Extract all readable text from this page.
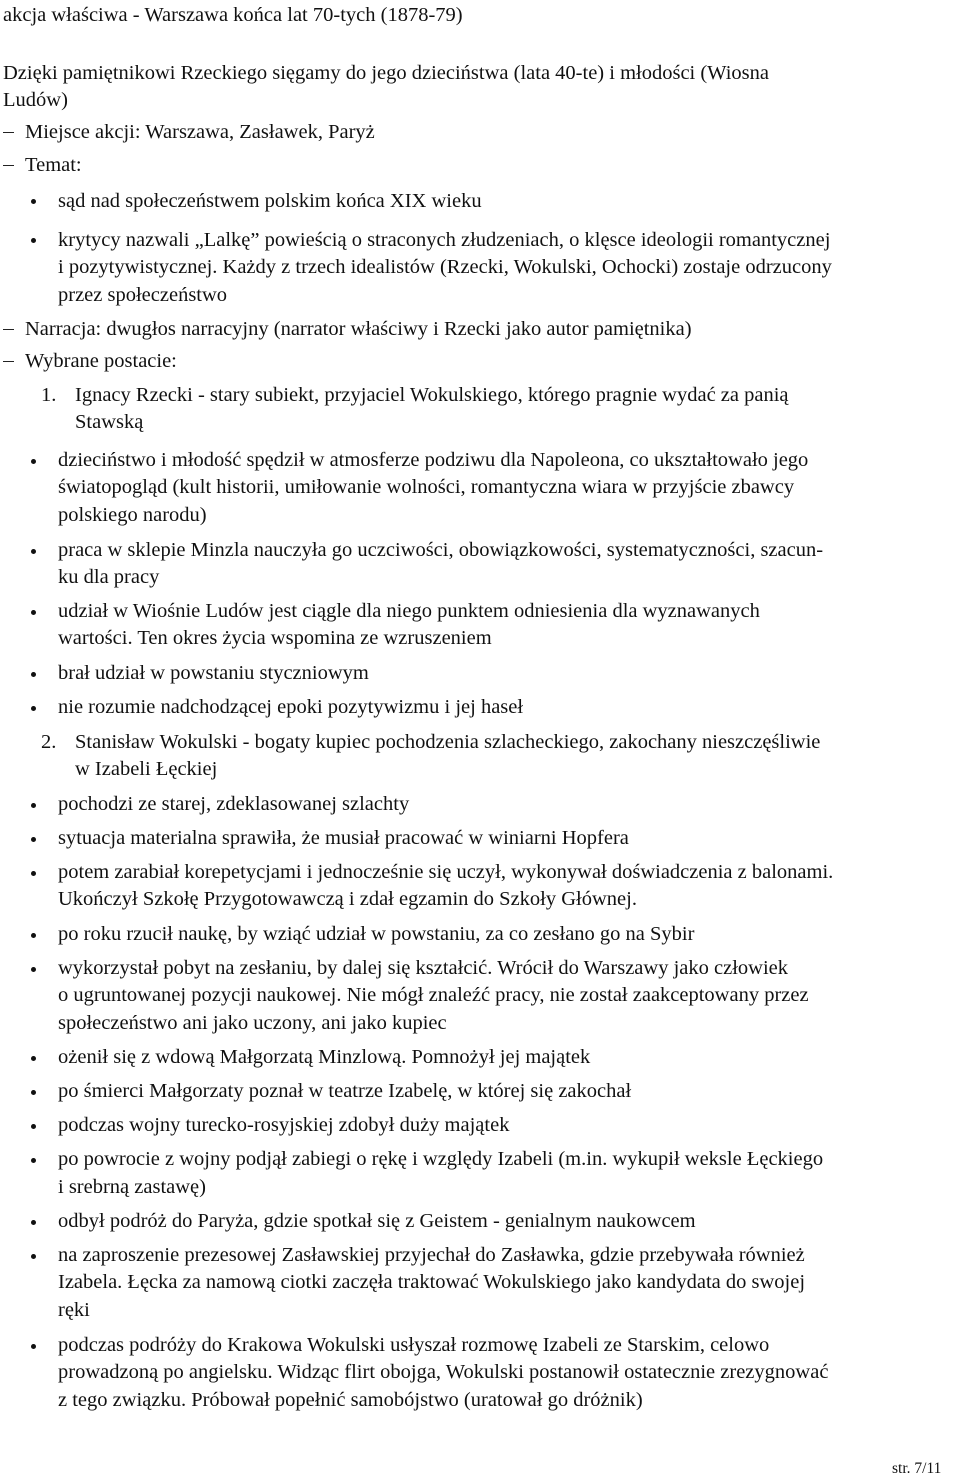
akcja właściwa - Warszawa końca lat 70-tych (1878-79)
Dzięki pamiętnikowi Rzeckiego sięgamy do jego dzieciństwa (lata 40-te) i młodości (Wiosna
Ludów)
Miejsce akcji: Warszawa, Zasławek, Paryż
Temat:
sąd nad społeczeństwem polskim końca XIX wieku
krytycy nazwali „Lalkę” powieścią o straconych złudzeniach, o klęsce ideologii romantycznej
i pozytywistycznej. Każdy z trzech idealistów (Rzecki, Wokulski, Ochocki) zostaje odrzucony
przez społeczeństwo
Narracja: dwugłos narracyjny (narrator właściwy i Rzecki jako autor pamiętnika)
Wybrane postacie:
1. Ignacy Rzecki - stary subiekt, przyjaciel Wokulskiego, którego pragnie wydać za panią
Stawską
dzieciństwo i młodość spędził w atmosferze podziwu dla Napoleona, co ukształtowało jego
światopogląd (kult historii, umiłowanie wolności, romantyczna wiara w przyjście zbawcy
polskiego narodu)
praca w sklepie Minzla nauczyła go uczciwości, obowiązkowości, systematyczności, szacun-
ku dla pracy
udział w Wiośnie Ludów jest ciągle dla niego punktem odniesienia dla wyznawanych
wartości. Ten okres życia wspomina ze wzruszeniem
brał udział w powstaniu styczniowym
nie rozumie nadchodzącej epoki pozytywizmu i jej haseł
2. Stanisław Wokulski - bogaty kupiec pochodzenia szlacheckiego, zakochany nieszczęśliwie
w Izabeli Łęckiej
pochodzi ze starej, zdeklasowanej szlachty
sytuacja materialna sprawiła, że musiał pracować w winiarni Hopfera
potem zarabiał korepetycjami i jednocześnie się uczył, wykonywał doświadczenia z balonami.
Ukończył Szkołę Przygotowawczą i zdał egzamin do Szkoły Głównej.
po roku rzucił naukę, by wziąć udział w powstaniu, za co zesłano go na Sybir
wykorzystał pobyt na zesłaniu, by dalej się kształcić. Wrócił do Warszawy jako człowiek
o ugruntowanej pozycji naukowej. Nie mógł znaleźć pracy, nie został zaakceptowany przez
społeczeństwo ani jako uczony, ani jako kupiec
ożenił się z wdową Małgorzatą Minzlową. Pomnożył jej majątek
po śmierci Małgorzaty poznał w teatrze Izabelę, w której się zakochał
podczas wojny turecko-rosyjskiej zdobył duży majątek
po powrocie z wojny podjął zabiegi o rękę i względy Izabeli (m.in. wykupił weksle Łęckiego
i srebrną zastawę)
odbył podróż do Paryża, gdzie spotkał się z Geistem - genialnym naukowcem
na zaproszenie prezesowej Zasławskiej przyjechał do Zasławka, gdzie przebywała również
Izabela. Łęcka za namową ciotki zaczęła traktować Wokulskiego jako kandydata do swojej
ręki
podczas podróży do Krakowa Wokulski usłyszał rozmowę Izabeli ze Starskim, celowo
prowadzoną po angielsku. Widząc flirt obojga, Wokulski postanowił ostatecznie zrezygnować
z tego związku. Próbował popełnić samobójstwo (uratował go dróżnik)
str. 7/11
